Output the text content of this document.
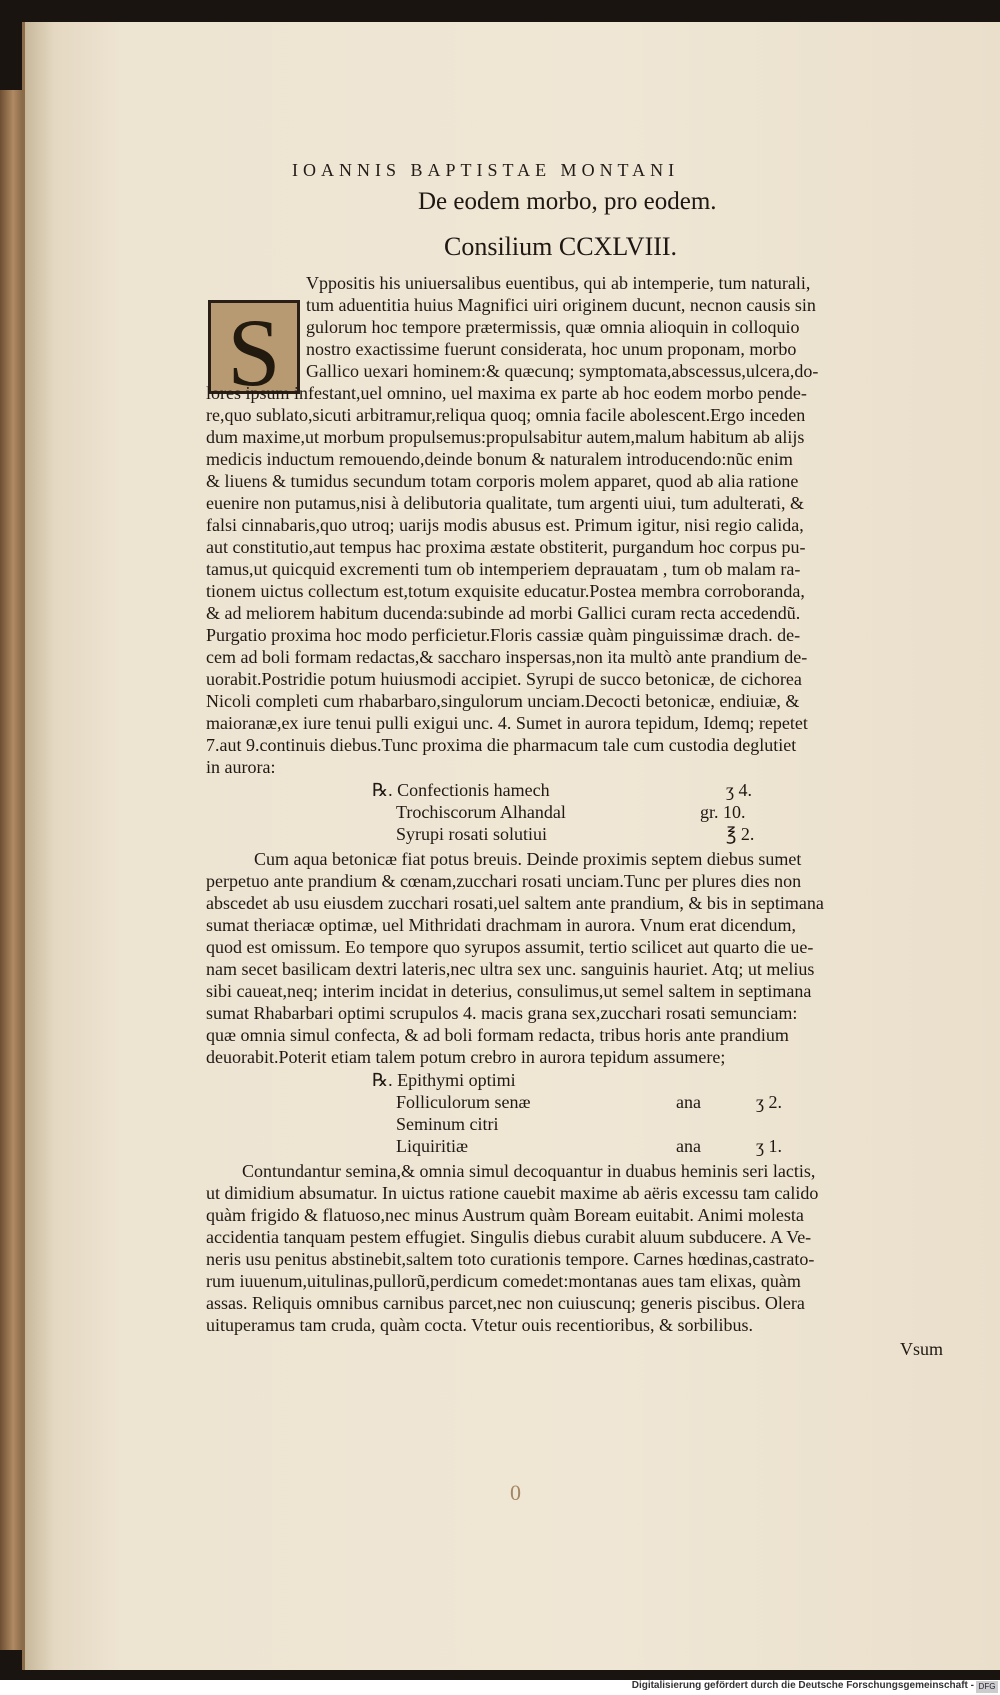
IOANNIS BAPTISTAE MONTANI
De eodem morbo, pro eodem.
Consilium CCXLVIII.
S
Vppositis his uniuersalibus euentibus, qui ab intemperie, tum naturali,
tum aduentitia huius Magnifici uiri originem ducunt, necnon causis sin
gulorum hoc tempore prætermissis, quæ omnia alioquin in colloquio
nostro exactissime fuerunt considerata, hoc unum proponam, morbo
Gallico uexari hominem:& quæcunq; symptomata,abscessus,ulcera,do-
lores ipsum infestant,uel omnino, uel maxima ex parte ab hoc eodem morbo pende-
re,quo sublato,sicuti arbitramur,reliqua quoq; omnia facile abolescent.Ergo inceden
dum maxime,ut morbum propulsemus:propulsabitur autem,malum habitum ab alijs
medicis inductum remouendo,deinde bonum & naturalem introducendo:nũc enim
& liuens & tumidus secundum totam corporis molem apparet, quod ab alia ratione
euenire non putamus,nisi à delibutoria qualitate, tum argenti uiui, tum adulterati, &
falsi cinnabaris,quo utroq; uarijs modis abusus est. Primum igitur, nisi regio calida,
aut constitutio,aut tempus hac proxima æstate obstiterit, purgandum hoc corpus pu-
tamus,ut quicquid excrementi tum ob intemperiem deprauatam , tum ob malam ra-
tionem uictus collectum est,totum exquisite educatur.Postea membra corroboranda,
& ad meliorem habitum ducenda:subinde ad morbi Gallici curam recta accedendũ.
Purgatio proxima hoc modo perficietur.Floris cassiæ quàm pinguissimæ drach. de-
cem ad boli formam redactas,& saccharo inspersas,non ita multò ante prandium de-
uorabit.Postridie potum huiusmodi accipiet. Syrupi de succo betonicæ, de cichorea
Nicoli completi cum rhabarbaro,singulorum unciam.Decocti betonicæ, endiuiæ, &
maioranæ,ex iure tenui pulli exigui unc. 4. Sumet in aurora tepidum, Idemq; repetet
7.aut 9.continuis diebus.Tunc proxima die pharmacum tale cum custodia deglutiet
in aurora:
℞. Confectionis hamech	ʒ 4.
Trochiscorum Alhandal	gr. 10.
Syrupi rosati solutiui	℥ 2.
Cum aqua betonicæ fiat potus breuis. Deinde proximis septem diebus sumet
perpetuo ante prandium & cœnam,zucchari rosati unciam.Tunc per plures dies non
abscedet ab usu eiusdem zucchari rosati,uel saltem ante prandium, & bis in septimana
sumat theriacæ optimæ, uel Mithridati drachmam in aurora. Vnum erat dicendum,
quod est omissum. Eo tempore quo syrupos assumit, tertio scilicet aut quarto die ue-
nam secet basilicam dextri lateris,nec ultra sex unc. sanguinis hauriet. Atq; ut melius
sibi caueat,neq; interim incidat in deterius, consulimus,ut semel saltem in septimana
sumat Rhabarbari optimi scrupulos 4. macis grana sex,zucchari rosati semunciam:
quæ omnia simul confecta, & ad boli formam redacta, tribus horis ante prandium
deuorabit.Poterit etiam talem potum crebro in aurora tepidum assumere;
℞. Epithymi optimi
Folliculorum senæ	ana	ʒ 2.
Seminum citri
Liquiritiæ	ana	ʒ 1.
Contundantur semina,& omnia simul decoquantur in duabus heminis seri lactis,
ut dimidium absumatur. In uictus ratione cauebit maxime ab aëris excessu tam calido
quàm frigido & flatuoso,nec minus Austrum quàm Boream euitabit. Animi molesta
accidentia tanquam pestem effugiet. Singulis diebus curabit aluum subducere. A Ve-
neris usu penitus abstinebit,saltem toto curationis tempore. Carnes hœdinas,castrato-
rum iuuenum,uitulinas,pullorũ,perdicum comedet:montanas aues tam elixas, quàm
assas. Reliquis omnibus carnibus parcet,nec non cuiuscunq; generis piscibus. Olera
uituperamus tam cruda, quàm cocta. Vtetur ouis recentioribus, & sorbilibus.
Vsum
0
Digitalisierung gefördert durch die Deutsche Forschungsgemeinschaft - DFG
